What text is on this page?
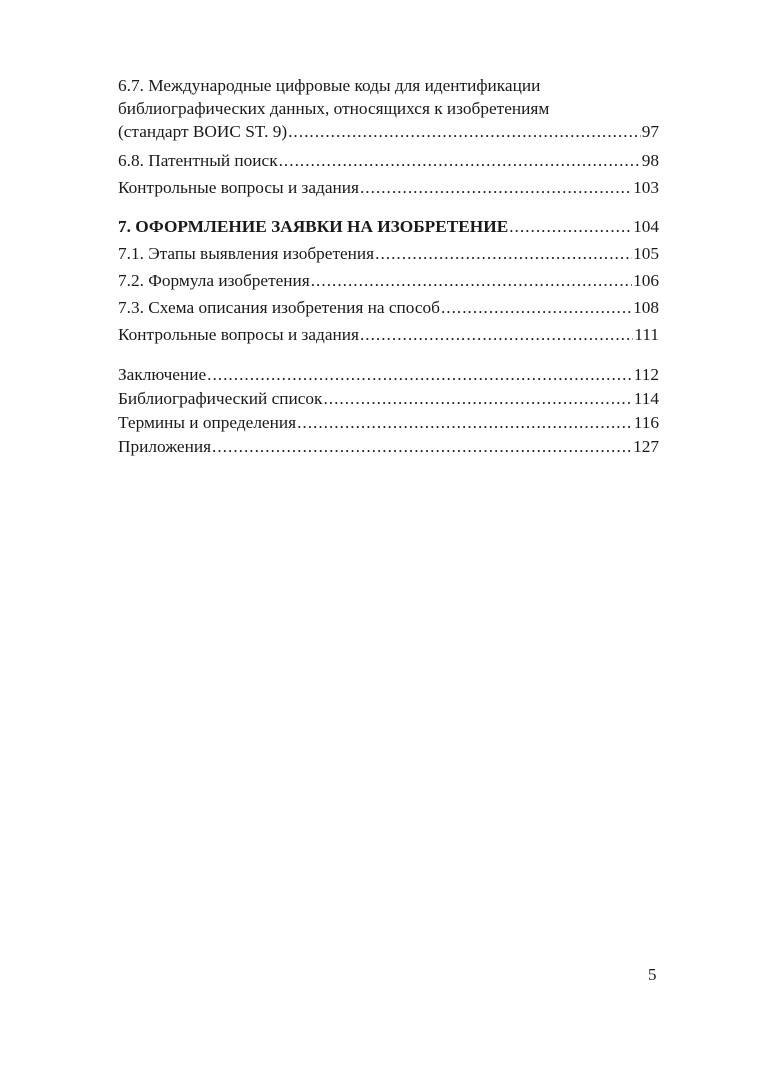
6.7. Международные цифровые коды для идентификации
библиографических данных, относящихся к изобретениям
(стандарт ВОИС ST. 9) .....	97
6.8. Патентный поиск .....	98
Контрольные вопросы и задания .....	103
7. ОФОРМЛЕНИЕ ЗАЯВКИ НА ИЗОБРЕТЕНИЕ .....	104
7.1. Этапы выявления изобретения .....	105
7.2. Формула изобретения .....	106
7.3. Схема описания изобретения на способ .....	108
Контрольные вопросы и задания .....	111
Заключение .....	112
Библиографический список .....	114
Термины и определения .....	116
Приложения .....	127
5
